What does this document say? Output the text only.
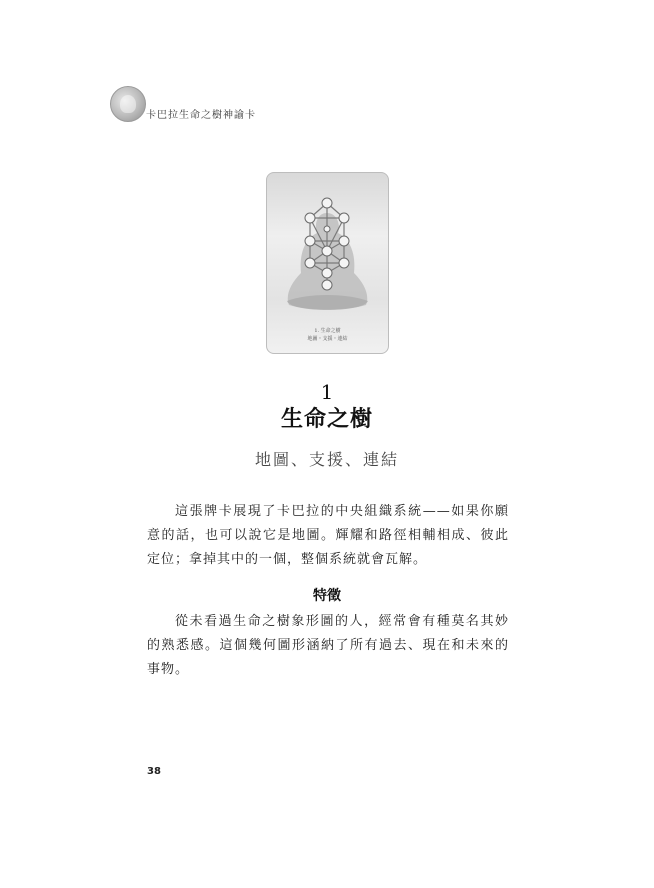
卡巴拉生命之樹神諭卡
1. 生命之樹
地圖・支援・連結
1
生命之樹
地圖、支援、連結
這張牌卡展現了卡巴拉的中央組織系統——如果你願意的話，也可以說它是地圖。輝耀和路徑相輔相成、彼此定位；拿掉其中的一個，整個系統就會瓦解。
特徵
從未看過生命之樹象形圖的人，經常會有種莫名其妙的熟悉感。這個幾何圖形涵納了所有過去、現在和未來的事物。
38
